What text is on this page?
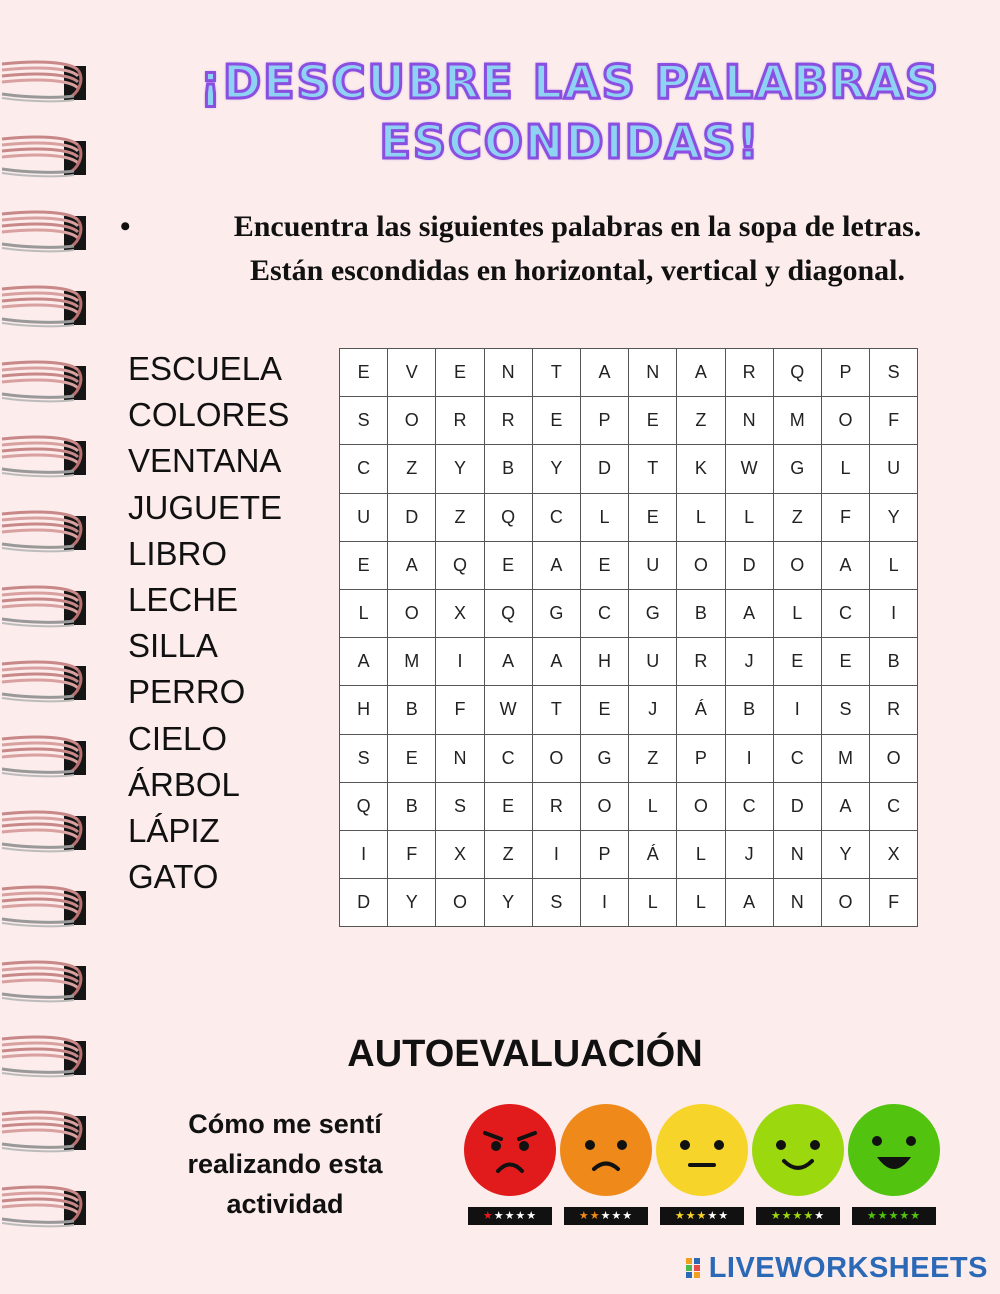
¡DESCUBRE LAS PALABRAS
ESCONDIDAS!
•	Encuentra las siguientes palabras en la sopa de letras.
Están escondidas en horizontal, vertical y diagonal.
ESCUELA
COLORES
VENTANA
JUGUETE
LIBRO
LECHE
SILLA
PERRO
CIELO
ÁRBOL
LÁPIZ
GATO
E	V	E	N	T	A	N	A	R	Q	P	S
S	O	R	R	E	P	E	Z	N	M	O	F
C	Z	Y	B	Y	D	T	K	W	G	L	U
U	D	Z	Q	C	L	E	L	L	Z	F	Y
E	A	Q	E	A	E	U	O	D	O	A	L
L	O	X	Q	G	C	G	B	A	L	C	I
A	M	I	A	A	H	U	R	J	E	E	B
H	B	F	W	T	E	J	Á	B	I	S	R
S	E	N	C	O	G	Z	P	I	C	M	O
Q	B	S	E	R	O	L	O	C	D	A	C
I	F	X	Z	I	P	Á	L	J	N	Y	X
D	Y	O	Y	S	I	L	L	A	N	O	F
AUTOEVALUACIÓN
Cómo me sentí
realizando esta
actividad	★★★★★	★★★★★	★★★★★	★★★★★	★★★★★
LIVEWORKSHEETS
